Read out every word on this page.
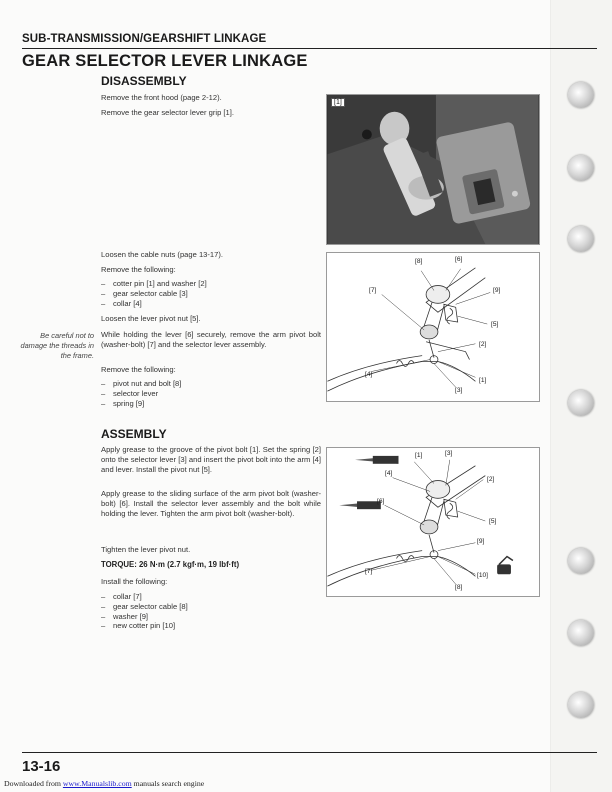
SUB-TRANSMISSION/GEARSHIFT LINKAGE
GEAR SELECTOR LEVER LINKAGE
DISASSEMBLY
Remove the front hood (page 2-12).
Remove the gear selector lever grip [1].
Loosen the cable nuts (page 13-17).
Remove the following:
– cotter pin [1] and washer [2]
– gear selector cable [3]
– collar [4]
Loosen the lever pivot nut [5].
Be careful not to damage the threads in the frame.
While holding the lever [6] securely, remove the arm pivot bolt (washer-bolt) [7] and the selector lever assembly.
Remove the following:
– pivot nut and bolt [8]
– selector lever
– spring [9]
ASSEMBLY
Apply grease to the groove of the pivot bolt [1]. Set the spring [2] onto the selector lever [3] and insert the pivot bolt into the arm [4] and lever. Install the pivot nut [5].
Apply grease to the sliding surface of the arm pivot bolt (washer-bolt) [6]. Install the selector lever assembly and the bolt while holding the lever. Tighten the arm pivot bolt (washer-bolt).
Tighten the lever pivot nut.
TORQUE: 26 N·m (2.7 kgf·m, 19 lbf·ft)
Install the following:
– collar [7]
– gear selector cable [8]
– washer [9]
– new cotter pin [10]
[1]
[8]	[6]
[7]	[9]
[5]
[2]
[4]
[1]
[3]
[1]	[3]
[4]
[2]
[6]
[5]
[9]
[7]
[10]
[8]
13-16
Downloaded from www.Manualslib.com manuals search engine
